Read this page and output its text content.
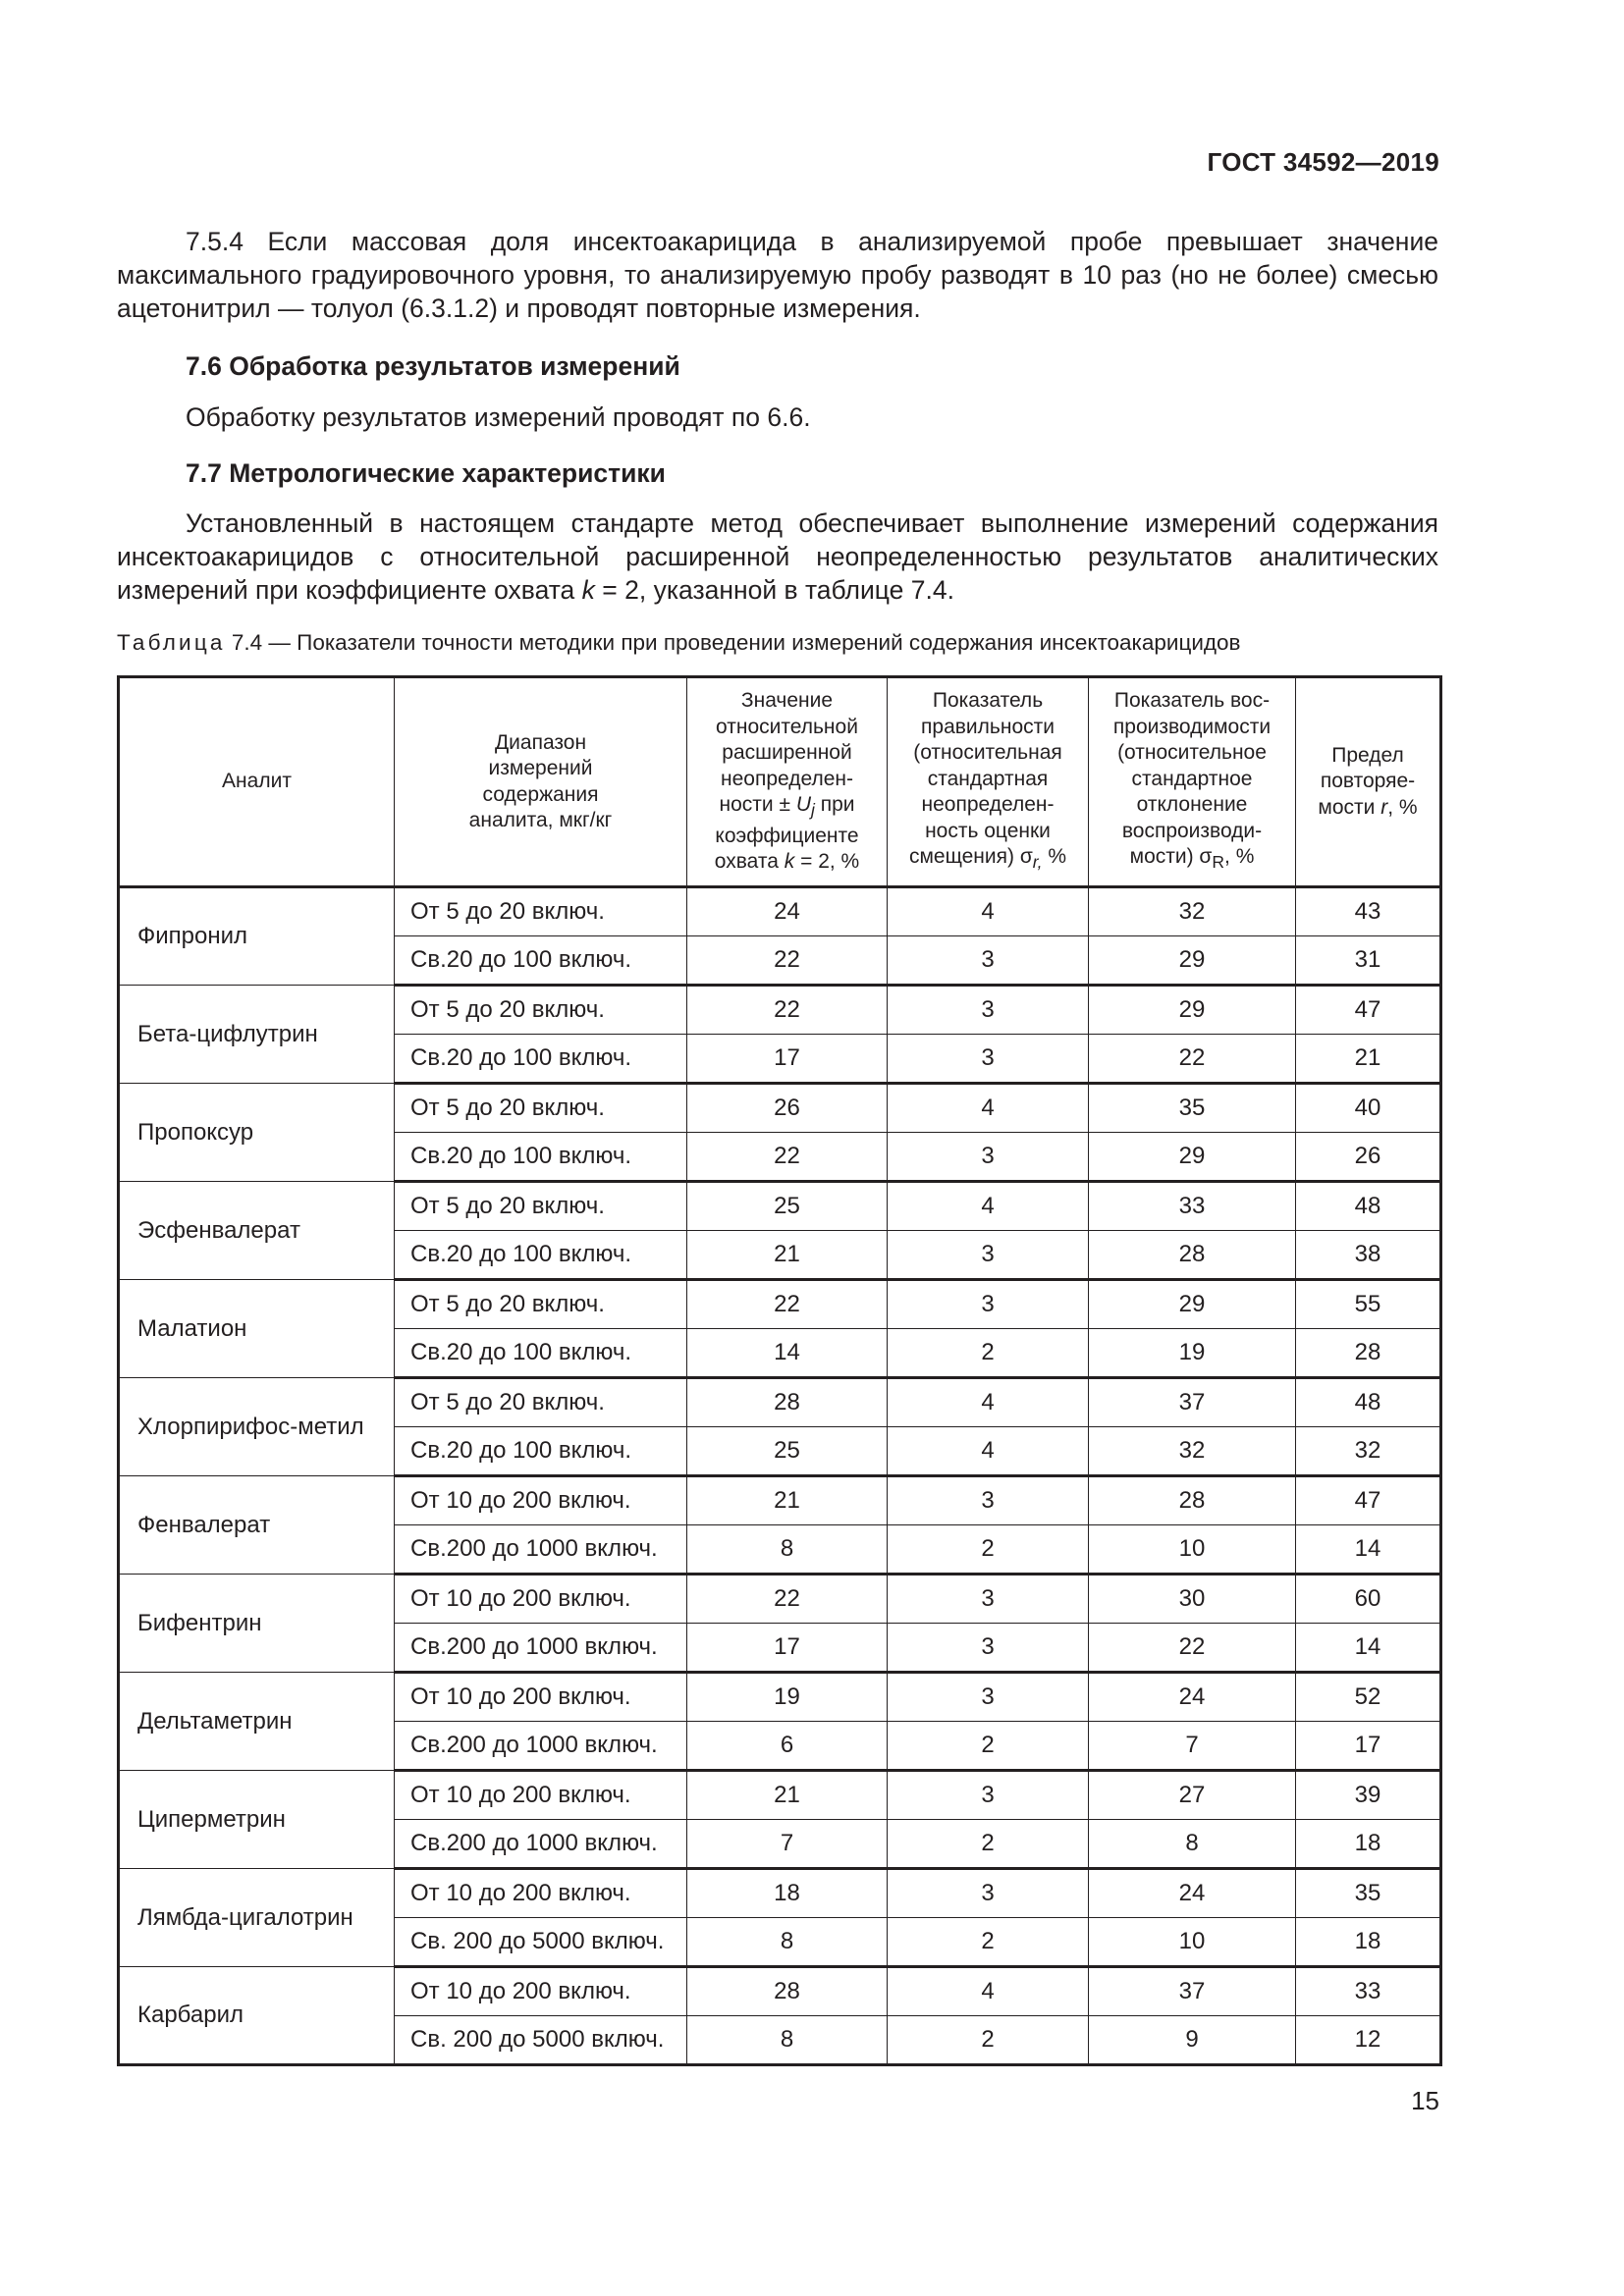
ГОСТ 34592—2019
7.5.4 Если массовая доля инсектоакарицида в анализируемой пробе превышает значение максимального градуировочного уровня, то анализируемую пробу разводят в 10 раз (но не более) смесью ацетонитрил — толуол (6.3.1.2) и проводят повторные измерения.
7.6 Обработка результатов измерений
Обработку результатов измерений проводят по 6.6.
7.7 Метрологические характеристики
Установленный в настоящем стандарте метод обеспечивает выполнение измерений содержания инсектоакарицидов с относительной расширенной неопределенностью результатов аналитических измерений при коэффициенте охвата k = 2, указанной в таблице 7.4.
Таблица 7.4 — Показатели точности методики при проведении измерений содержания инсектоакарицидов
Аналит	Диапазон измерений содержания аналита, мкг/кг	Значение относительной расширенной неопределен-ности ± $U_j$ при коэффициенте охвата k = 2, %	Показатель правильности (относительная стандартная неопределен-ность оценки смещения) $\sigma_{r,}$ %	Показатель вос-производимости (относительное стандартное отклонение воспроизводи-мости) $\sigma_R$, %	Предел повторяе-мости r, %

Фипронил	От 5 до 20 включ.	24	4	32	43
	Св.20 до 100 включ.	22	3	29	31
Бета-цифлутрин	От 5 до 20 включ.	22	3	29	47
	Св.20 до 100 включ.	17	3	22	21
Пропоксур	От 5 до 20 включ.	26	4	35	40
	Св.20 до 100 включ.	22	3	29	26
Эсфенвалерат	От 5 до 20 включ.	25	4	33	48
	Св.20 до 100 включ.	21	3	28	38
Малатион	От 5 до 20 включ.	22	3	29	55
	Св.20 до 100 включ.	14	2	19	28
Хлорпирифос-метил	От 5 до 20 включ.	28	4	37	48
	Св.20 до 100 включ.	25	4	32	32
Фенвалерат	От 10 до 200 включ.	21	3	28	47
	Св.200 до 1000 включ.	8	2	10	14
Бифентрин	От 10 до 200 включ.	22	3	30	60
	Св.200 до 1000 включ.	17	3	22	14
Дельтаметрин	От 10 до 200 включ.	19	3	24	52
	Св.200 до 1000 включ.	6	2	7	17
Циперметрин	От 10 до 200 включ.	21	3	27	39
	Св.200 до 1000 включ.	7	2	8	18
Лямбда-цигалотрин	От 10 до 200 включ.	18	3	24	35
	Св. 200 до 5000 включ.	8	2	10	18
Карбарил	От 10 до 200 включ.	28	4	37	33
	Св. 200 до 5000 включ.	8	2	9	12
15
